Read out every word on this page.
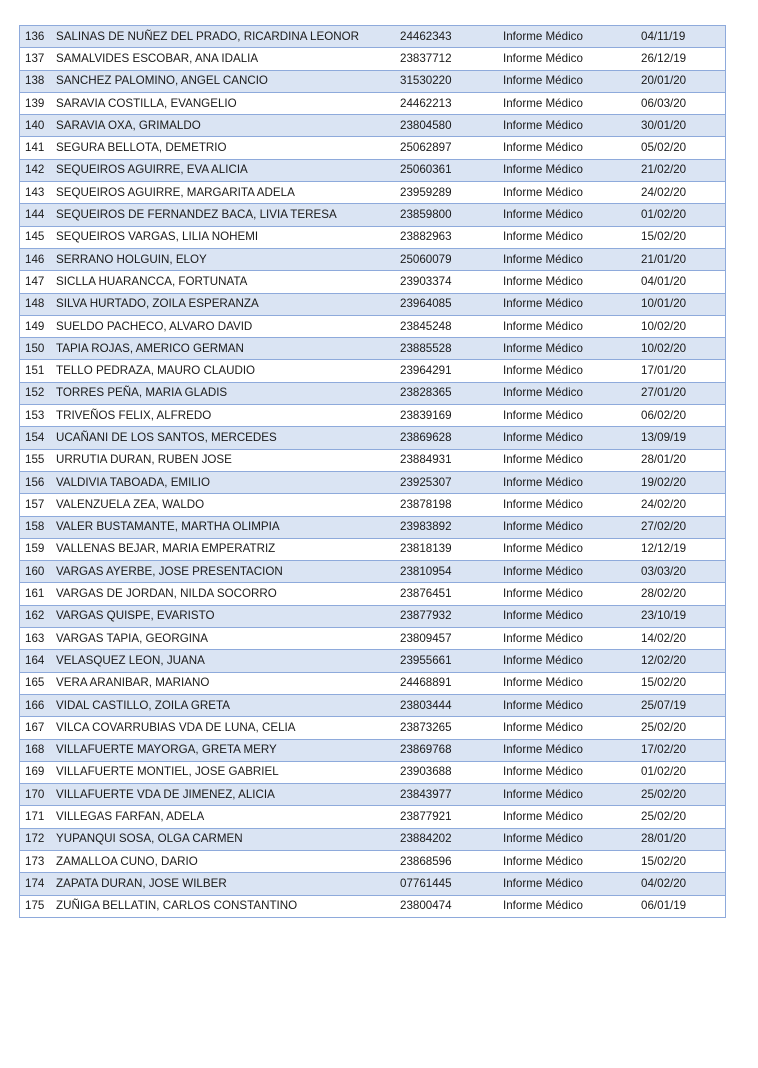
136	SALINAS DE NUÑEZ DEL PRADO, RICARDINA LEONOR	24462343	Informe Médico	04/11/19
137	SAMALVIDES ESCOBAR, ANA IDALIA	23837712	Informe Médico	26/12/19
138	SANCHEZ PALOMINO, ANGEL CANCIO	31530220	Informe Médico	20/01/20
139	SARAVIA COSTILLA, EVANGELIO	24462213	Informe Médico	06/03/20
140	SARAVIA OXA, GRIMALDO	23804580	Informe Médico	30/01/20
141	SEGURA BELLOTA, DEMETRIO	25062897	Informe Médico	05/02/20
142	SEQUEIROS AGUIRRE, EVA ALICIA	25060361	Informe Médico	21/02/20
143	SEQUEIROS AGUIRRE, MARGARITA ADELA	23959289	Informe Médico	24/02/20
144	SEQUEIROS DE FERNANDEZ BACA, LIVIA TERESA	23859800	Informe Médico	01/02/20
145	SEQUEIROS VARGAS, LILIA NOHEMI	23882963	Informe Médico	15/02/20
146	SERRANO HOLGUIN, ELOY	25060079	Informe Médico	21/01/20
147	SICLLA HUARANCCA, FORTUNATA	23903374	Informe Médico	04/01/20
148	SILVA HURTADO, ZOILA ESPERANZA	23964085	Informe Médico	10/01/20
149	SUELDO PACHECO, ALVARO DAVID	23845248	Informe Médico	10/02/20
150	TAPIA ROJAS, AMERICO GERMAN	23885528	Informe Médico	10/02/20
151	TELLO PEDRAZA, MAURO CLAUDIO	23964291	Informe Médico	17/01/20
152	TORRES PEÑA, MARIA GLADIS	23828365	Informe Médico	27/01/20
153	TRIVEÑOS FELIX, ALFREDO	23839169	Informe Médico	06/02/20
154	UCAÑANI DE LOS SANTOS, MERCEDES	23869628	Informe Médico	13/09/19
155	URRUTIA DURAN, RUBEN JOSE	23884931	Informe Médico	28/01/20
156	VALDIVIA TABOADA, EMILIO	23925307	Informe Médico	19/02/20
157	VALENZUELA ZEA, WALDO	23878198	Informe Médico	24/02/20
158	VALER BUSTAMANTE, MARTHA OLIMPIA	23983892	Informe Médico	27/02/20
159	VALLENAS BEJAR, MARIA EMPERATRIZ	23818139	Informe Médico	12/12/19
160	VARGAS AYERBE, JOSE PRESENTACION	23810954	Informe Médico	03/03/20
161	VARGAS DE JORDAN, NILDA SOCORRO	23876451	Informe Médico	28/02/20
162	VARGAS QUISPE, EVARISTO	23877932	Informe Médico	23/10/19
163	VARGAS TAPIA, GEORGINA	23809457	Informe Médico	14/02/20
164	VELASQUEZ LEON, JUANA	23955661	Informe Médico	12/02/20
165	VERA ARANIBAR, MARIANO	24468891	Informe Médico	15/02/20
166	VIDAL CASTILLO, ZOILA GRETA	23803444	Informe Médico	25/07/19
167	VILCA COVARRUBIAS VDA DE LUNA, CELIA	23873265	Informe Médico	25/02/20
168	VILLAFUERTE MAYORGA, GRETA MERY	23869768	Informe Médico	17/02/20
169	VILLAFUERTE MONTIEL, JOSE GABRIEL	23903688	Informe Médico	01/02/20
170	VILLAFUERTE VDA DE JIMENEZ, ALICIA	23843977	Informe Médico	25/02/20
171	VILLEGAS FARFAN, ADELA	23877921	Informe Médico	25/02/20
172	YUPANQUI SOSA, OLGA CARMEN	23884202	Informe Médico	28/01/20
173	ZAMALLOA CUNO, DARIO	23868596	Informe Médico	15/02/20
174	ZAPATA DURAN, JOSE WILBER	07761445	Informe Médico	04/02/20
175	ZUÑIGA BELLATIN, CARLOS CONSTANTINO	23800474	Informe Médico	06/01/19
